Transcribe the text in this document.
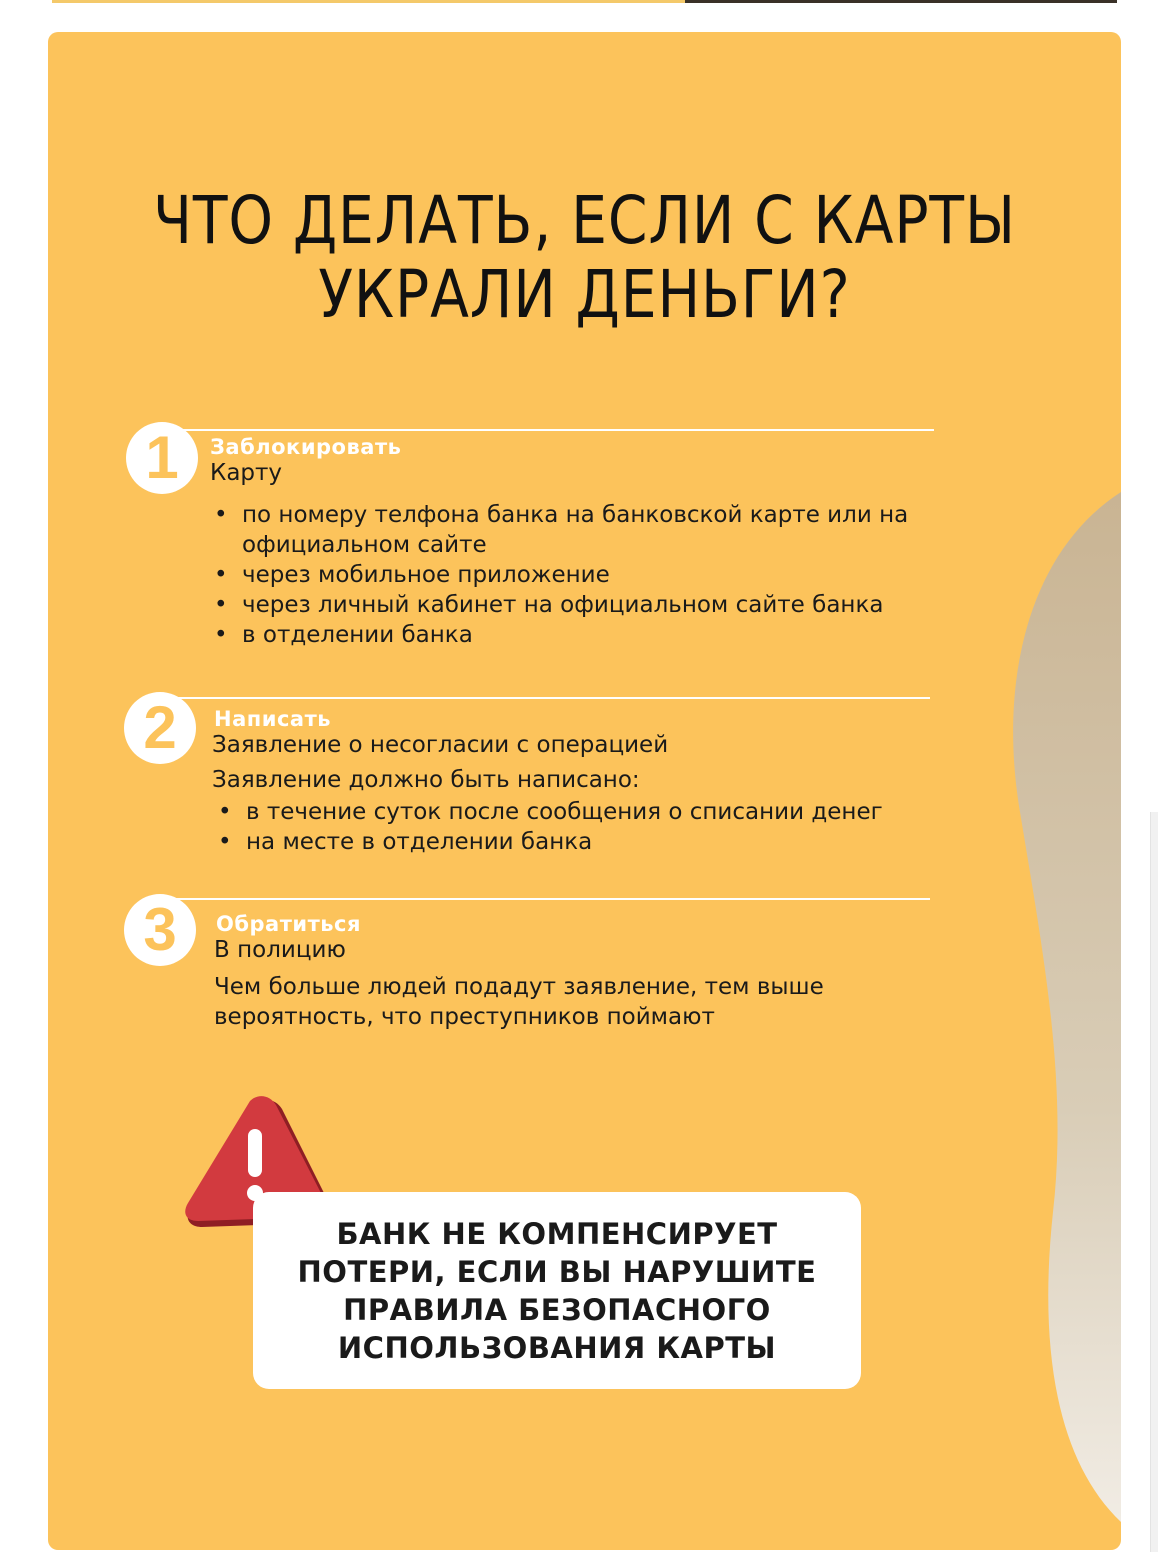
ЧТО ДЕЛАТЬ, ЕСЛИ С КАРТЫ
УКРАЛИ ДЕНЬГИ?
1	Заблокировать
Карту
• по номеру телфона банка на банковской карте или на официальном сайте
• через мобильное приложение
• через личный кабинет на официальном сайте банка
• в отделении банка
2	Написать
Заявление о несогласии с операцией
Заявление должно быть написано:
• в течение суток после сообщения о списании денег
• на месте в отделении банка
3	Обратиться
В полицию
Чем больше людей подадут заявление, тем выше вероятность, что преступников поймают
БАНК НЕ КОМПЕНСИРУЕТ ПОТЕРИ, ЕСЛИ ВЫ НАРУШИТЕ ПРАВИЛА БЕЗОПАСНОГО ИСПОЛЬЗОВАНИЯ КАРТЫ
